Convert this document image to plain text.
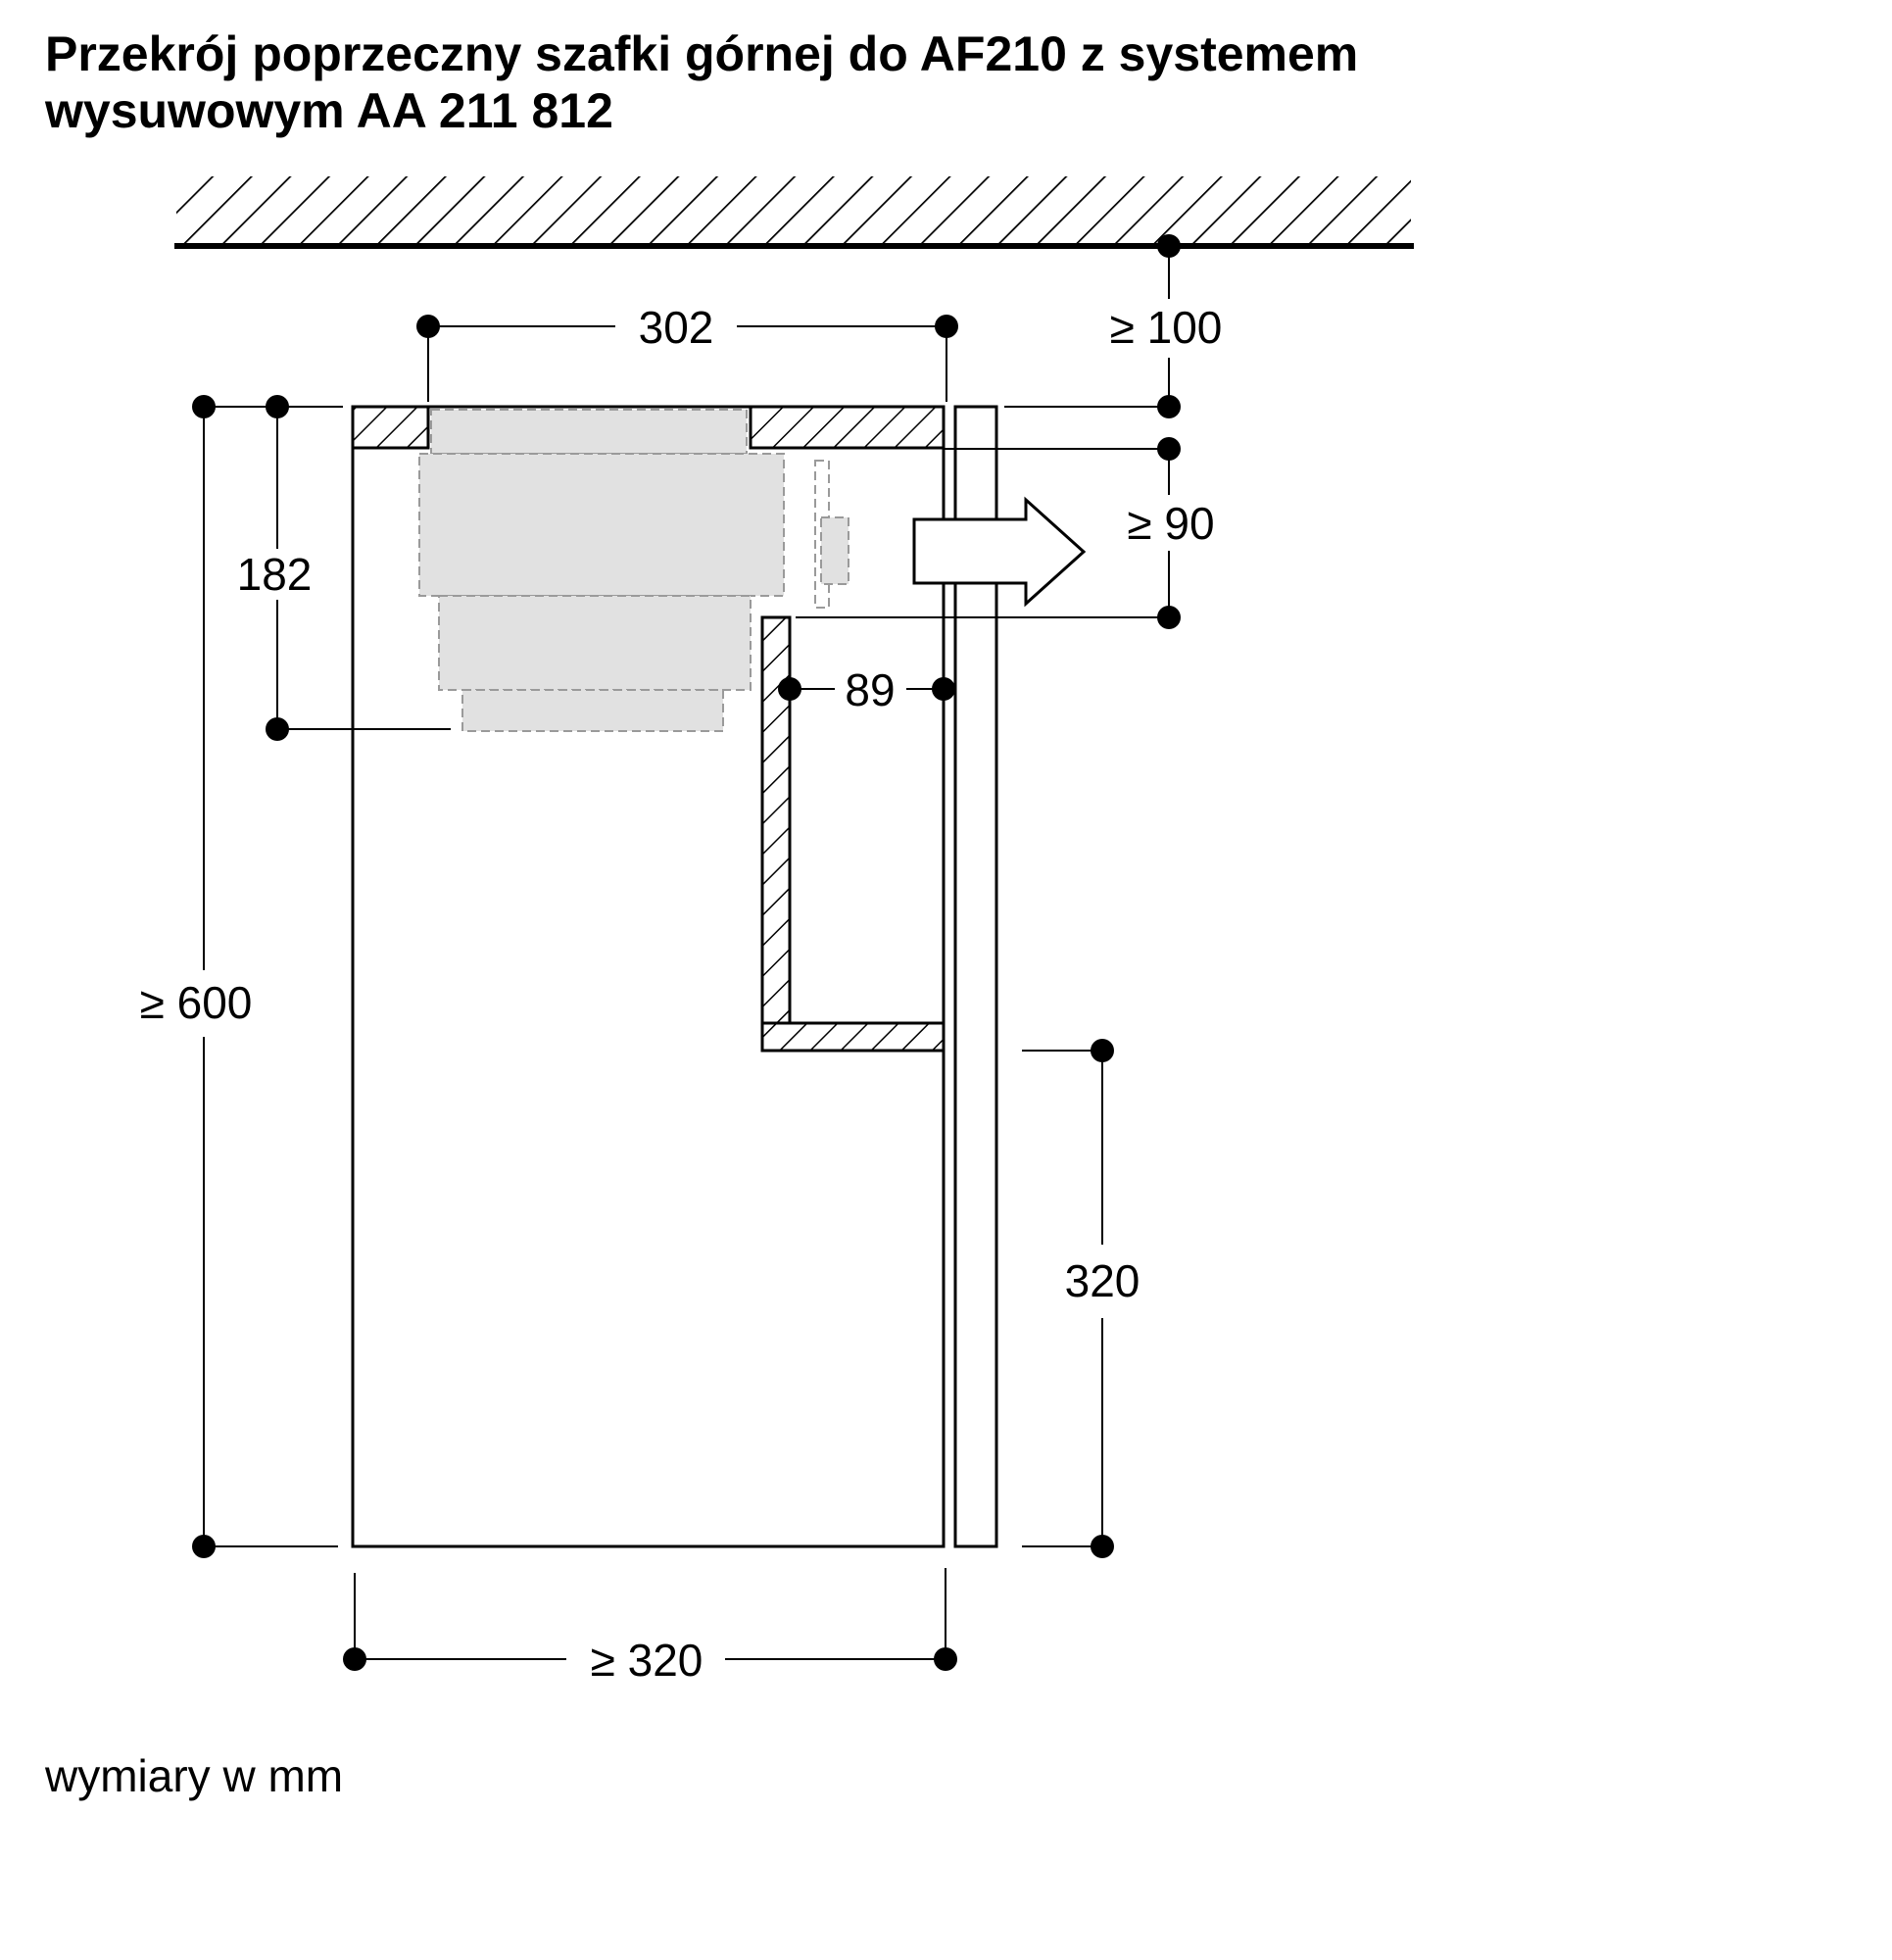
Przekrój poprzeczny szafki górnej do AF210 z systemem
wysuwowym AA 211 812
302	≥ 100
≥ 90
182
89
≥ 600
320
≥ 320
wymiary w mm
